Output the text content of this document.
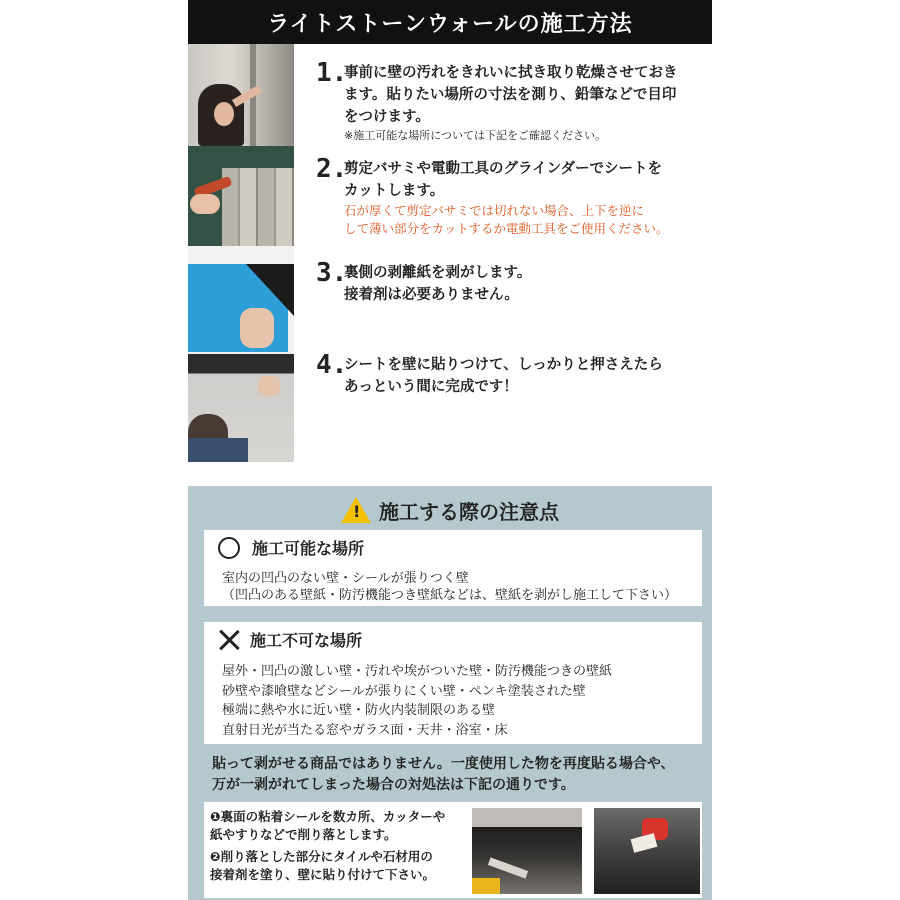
ライトストーンウォールの施工方法
1.
事前に壁の汚れをきれいに拭き取り乾燥させておき
ます。貼りたい場所の寸法を測り、鉛筆などで目印
をつけます。
※施工可能な場所については下記をご確認ください。
2.
剪定バサミや電動工具のグラインダーでシートを
カットします。
石が厚くて剪定バサミでは切れない場合、上下を逆に
して薄い部分をカットするか電動工具をご使用ください。
3.
裏側の剥離紙を剥がします。
接着剤は必要ありません。
4.
シートを壁に貼りつけて、しっかりと押さえたら
あっという間に完成です！
! 施工する際の注意点
施工可能な場所
室内の凹凸のない壁・シールが張りつく壁
（凹凸のある壁紙・防汚機能つき壁紙などは、壁紙を剥がし施工して下さい）
施工不可な場所
屋外・凹凸の激しい壁・汚れや埃がついた壁・防汚機能つきの壁紙
砂壁や漆喰壁などシールが張りにくい壁・ペンキ塗装された壁
極端に熱や水に近い壁・防火内装制限のある壁
直射日光が当たる窓やガラス面・天井・浴室・床
貼って剥がせる商品ではありません。一度使用した物を再度貼る場合や、
万が一剥がれてしまった場合の対処法は下記の通りです。
❶裏面の粘着シールを数カ所、カッターや
紙やすりなどで削り落とします。
❷削り落とした部分にタイルや石材用の
接着剤を塗り、壁に貼り付けて下さい。
